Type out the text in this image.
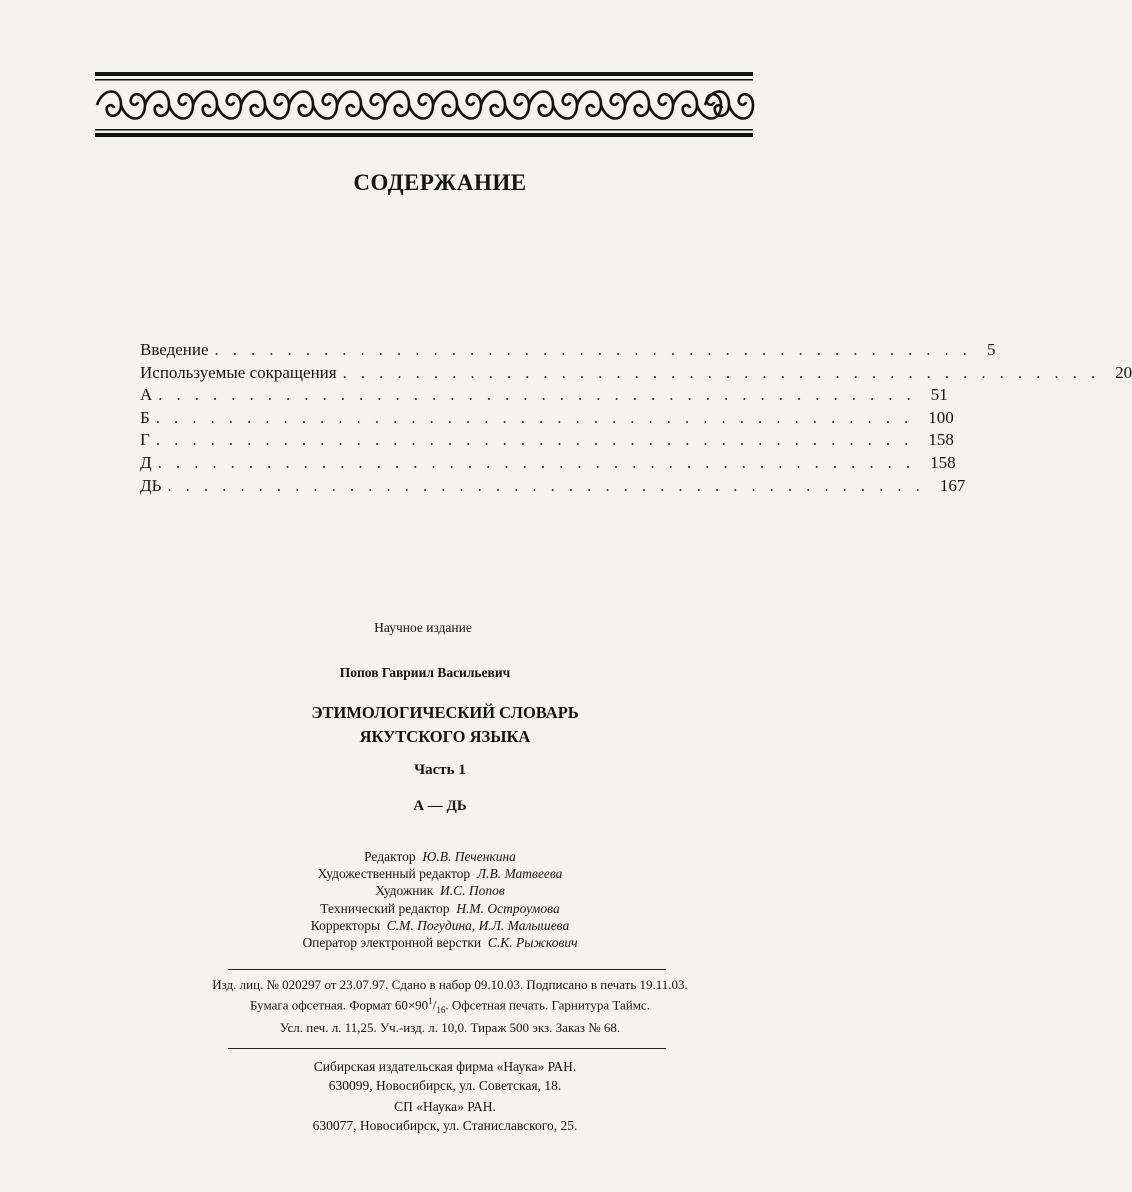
СОДЕРЖАНИЕ
Введение .......................................... 5
Используемые сокращения .......................................... 20
А .......................................... 51
Б .......................................... 100
Г .......................................... 158
Д .......................................... 158
ДЬ .......................................... 167
Научное издание
Попов Гавриил Васильевич
ЭТИМОЛОГИЧЕСКИЙ СЛОВАРЬ
ЯКУТСКОГО ЯЗЫКА
Часть 1
А — ДЬ
Редактор Ю.В. Печенкина
Художественный редактор Л.В. Матвеева
Художник И.С. Попов
Технический редактор Н.М. Остроумова
Корректоры С.М. Погудина, И.Л. Малышева
Оператор электронной верстки С.К. Рыжкович
Изд. лиц. № 020297 от 23.07.97. Сдано в набор 09.10.03. Подписано в печать 19.11.03.
Бумага офсетная. Формат $60\times 90^1/_{16}$. Офсетная печать. Гарнитура Таймс.
Усл. печ. л. 11,25. Уч.-изд. л. 10,0. Тираж 500 экз. Заказ № 68.
Сибирская издательская фирма «Наука» РАН.
630099, Новосибирск, ул. Советская, 18.
СП «Наука» РАН.
630077, Новосибирск, ул. Станиславского, 25.
